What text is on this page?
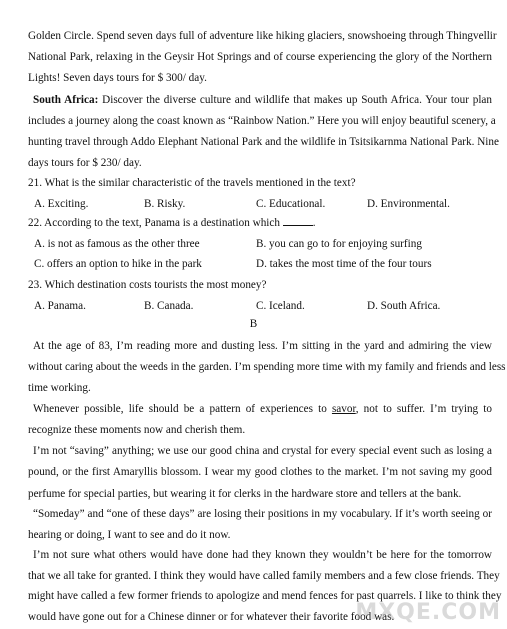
Golden Circle. Spend seven days full of adventure like hiking glaciers, snowshoeing through Thingvellir
National Park, relaxing in the Geysir Hot Springs and of course experiencing the glory of the Northern
Lights! Seven days tours for $ 300/ day.
South Africa: Discover the diverse culture and wildlife that makes up South Africa. Your tour plan
includes a journey along the coast known as “Rainbow Nation.” Here you will enjoy beautiful scenery, a
hunting travel through Addo Elephant National Park and the wildlife in Tsitsikarnma National Park. Nine
days tours for $ 230/ day.
21. What is the similar characteristic of the travels mentioned in the text?
A. Exciting.	B. Risky.	C. Educational.	D. Environmental.
22. According to the text, Panama is a destination which	.
A. is not as famous as the other three	B. you can go to for enjoying surfing
C. offers an option to hike in the park	D. takes the most time of the four tours
23. Which destination costs tourists the most money?
A. Panama.	B. Canada.	C. Iceland.	D. South Africa.
B
At the age of 83, I’m reading more and dusting less. I’m sitting in the yard and admiring the view
without caring about the weeds in the garden. I’m spending more time with my family and friends and less
time working.
Whenever possible, life should be a pattern of experiences to savor, not to suffer. I’m trying to
recognize these moments now and cherish them.
I’m not “saving” anything; we use our good china and crystal for every special event such as losing a
pound, or the first Amaryllis blossom. I wear my good clothes to the market. I’m not saving my good
perfume for special parties, but wearing it for clerks in the hardware store and tellers at the bank.
“Someday” and “one of these days” are losing their positions in my vocabulary. If it’s worth seeing or
hearing or doing, I want to see and do it now.
I’m not sure what others would have done had they known they wouldn’t be here for the tomorrow
that we all take for granted. I think they would have called family members and a few close friends. They
might have called a few former friends to apologize and mend fences for past quarrels. I like to think they
would have gone out for a Chinese dinner or for whatever their favorite food was.
MXQE.COM
